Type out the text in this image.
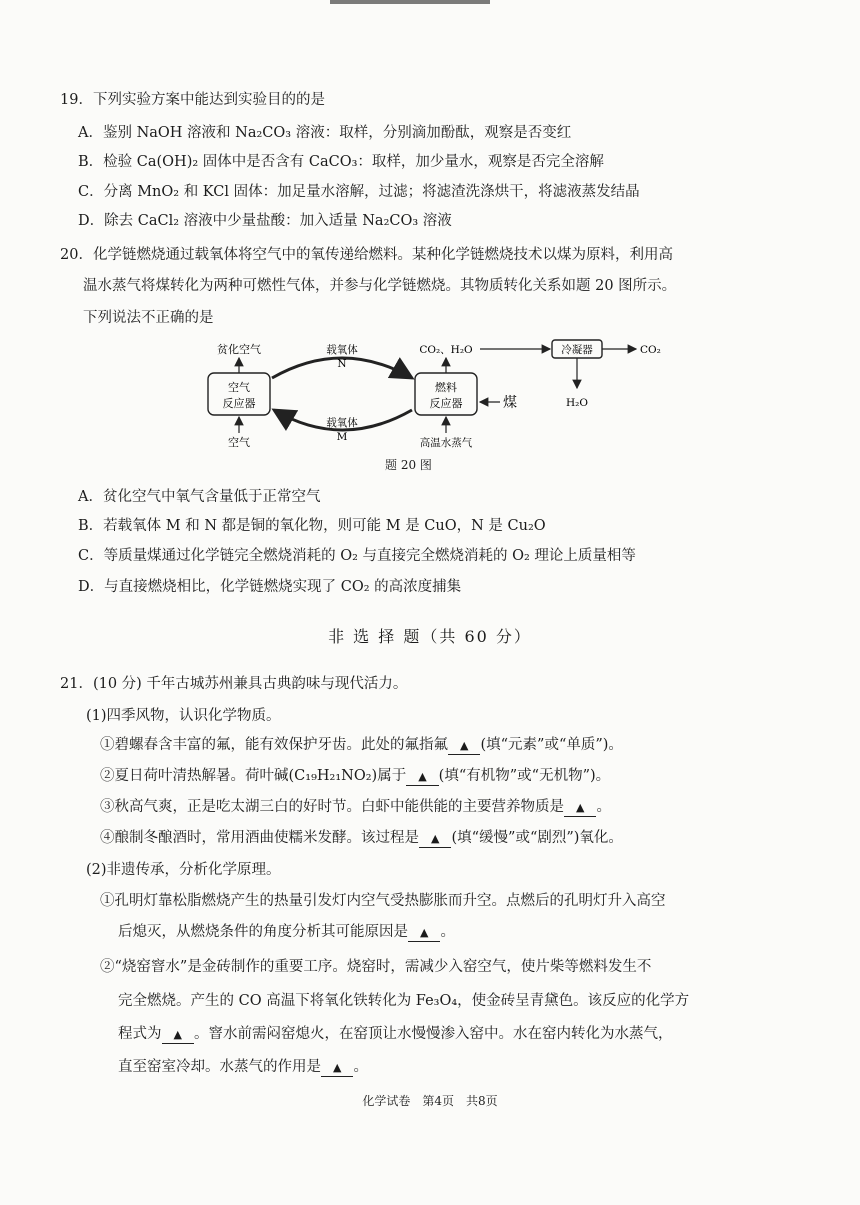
19．下列实验方案中能达到实验目的的是
A．鉴别 NaOH 溶液和 Na₂CO₃ 溶液：取样，分别滴加酚酞，观察是否变红
B．检验 Ca(OH)₂ 固体中是否含有 CaCO₃：取样，加少量水，观察是否完全溶解
C．分离 MnO₂ 和 KCl 固体：加足量水溶解，过滤；将滤渣洗涤烘干，将滤液蒸发结晶
D．除去 CaCl₂ 溶液中少量盐酸：加入适量 Na₂CO₃ 溶液
20．化学链燃烧通过载氧体将空气中的氧传递给燃料。某种化学链燃烧技术以煤为原料，利用高
温水蒸气将煤转化为两种可燃性气体，并参与化学链燃烧。其物质转化关系如题 20 图所示。
下列说法不正确的是
空气
反应器
贫化空气
空气
燃料
反应器
载氧体
N
载氧体
M
CO₂、H₂O	冷凝器	CO₂
H₂O
煤
高温水蒸气
题 20 图
A．贫化空气中氧气含量低于正常空气
B．若载氧体 M 和 N 都是铜的氧化物，则可能 M 是 CuO，N 是 Cu₂O
C．等质量煤通过化学链完全燃烧消耗的 O₂ 与直接完全燃烧消耗的 O₂ 理论上质量相等
D．与直接燃烧相比，化学链燃烧实现了 CO₂ 的高浓度捕集
非 选 择 题（共 60 分）
21．(10 分) 千年古城苏州兼具古典韵味与现代活力。
(1)四季风物，认识化学物质。
①碧螺春含丰富的氟，能有效保护牙齿。此处的氟指氟 ▲ (填“元素”或“单质”)。
②夏日荷叶清热解暑。荷叶碱(C₁₉H₂₁NO₂)属于 ▲ (填“有机物”或“无机物”)。
③秋高气爽，正是吃太湖三白的好时节。白虾中能供能的主要营养物质是 ▲ 。
④酿制冬酿酒时，常用酒曲使糯米发酵。该过程是 ▲ (填“缓慢”或“剧烈”)氧化。
(2)非遗传承，分析化学原理。
①孔明灯靠松脂燃烧产生的热量引发灯内空气受热膨胀而升空。点燃后的孔明灯升入高空
后熄灭，从燃烧条件的角度分析其可能原因是 ▲ 。
②“烧窑窨水”是金砖制作的重要工序。烧窑时，需减少入窑空气，使片柴等燃料发生不
完全燃烧。产生的 CO 高温下将氧化铁转化为 Fe₃O₄，使金砖呈青黛色。该反应的化学方
程式为 ▲ 。窨水前需闷窑熄火，在窑顶让水慢慢渗入窑中。水在窑内转化为水蒸气，
直至窑室冷却。水蒸气的作用是 ▲ 。
化学试卷　第4页　共8页
